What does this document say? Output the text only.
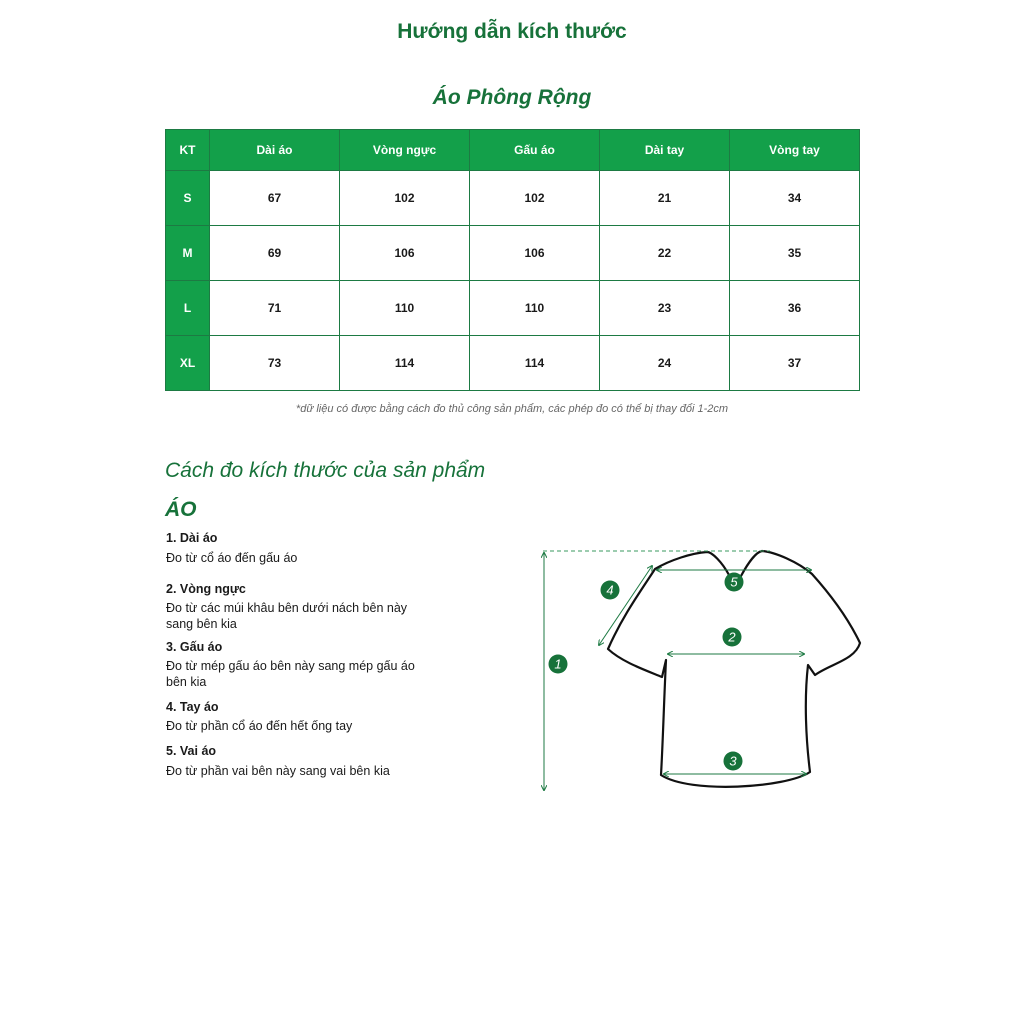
Hướng dẫn kích thước
Áo Phông Rộng
KT	Dài áo	Vòng ngực	Gấu áo	Dài tay	Vòng tay
S	67	102	102	21	34
M	69	106	106	22	35
L	71	110	110	23	36
XL	73	114	114	24	37
*dữ liệu có được bằng cách đo thủ công sản phẩm, các phép đo có thể bị thay đổi 1-2cm
Cách đo kích thước của sản phẩm
ÁO
1. Dài áo
Đo từ cổ áo đến gấu áo
2. Vòng ngực
Đo từ các múi khâu bên dưới nách bên này sang bên kia
3. Gấu áo
Đo từ mép gấu áo bên này sang mép gấu áo bên kia
4. Tay áo
Đo từ phần cổ áo đến hết ống tay
5. Vai áo
Đo từ phần vai bên này sang vai bên kia
1
2
3
4
5
